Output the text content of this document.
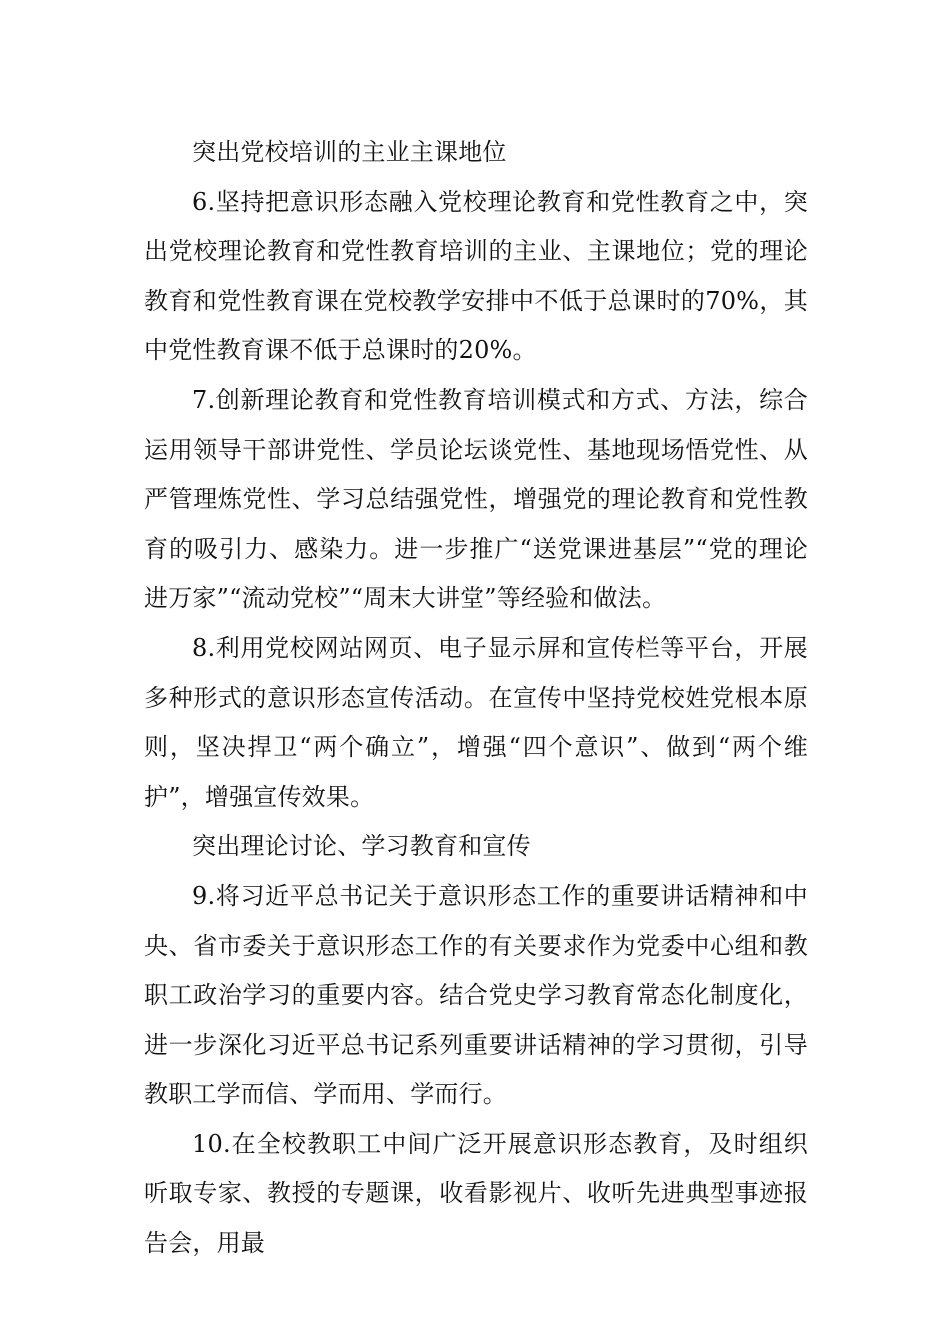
突出党校培训的主业主课地位

6.坚持把意识形态融入党校理论教育和党性教育之中，突出党校理论教育和党性教育培训的主业、主课地位；党的理论教育和党性教育课在党校教学安排中不低于总课时的70%，其中党性教育课不低于总课时的20%。

7.创新理论教育和党性教育培训模式和方式、方法，综合运用领导干部讲党性、学员论坛谈党性、基地现场悟党性、从严管理炼党性、学习总结强党性，增强党的理论教育和党性教育的吸引力、感染力。进一步推广“送党课进基层”“党的理论进万家”“流动党校”“周末大讲堂”等经验和做法。

8.利用党校网站网页、电子显示屏和宣传栏等平台，开展多种形式的意识形态宣传活动。在宣传中坚持党校姓党根本原则，坚决捍卫“两个确立”，增强“四个意识”、做到“两个维护”，增强宣传效果。

突出理论讨论、学习教育和宣传

9.将习近平总书记关于意识形态工作的重要讲话精神和中央、省市委关于意识形态工作的有关要求作为党委中心组和教职工政治学习的重要内容。结合党史学习教育常态化制度化，进一步深化习近平总书记系列重要讲话精神的学习贯彻，引导教职工学而信、学而用、学而行。

10.在全校教职工中间广泛开展意识形态教育，及时组织听取专家、教授的专题课，收看影视片、收听先进典型事迹报告会，用最
